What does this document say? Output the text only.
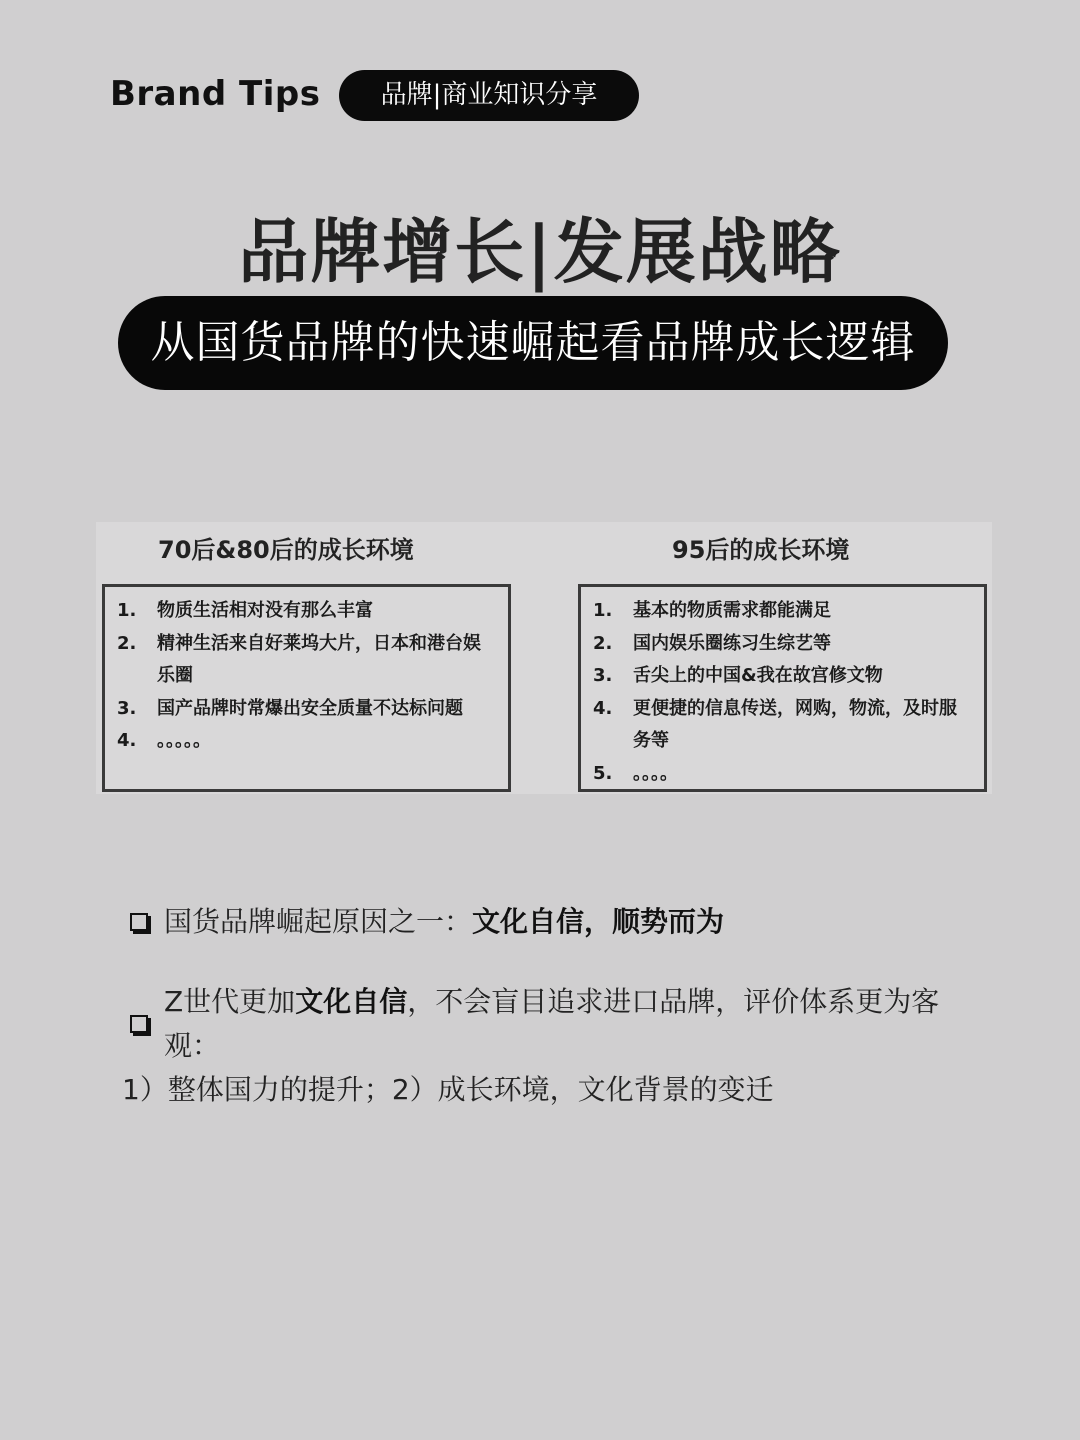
Brand Tips	品牌|商业知识分享
品牌增长|发展战略
从国货品牌的快速崛起看品牌成长逻辑
70后&80后的成长环境	95后的成长环境
1.	物质生活相对没有那么丰富
2.	精神生活来自好莱坞大片，日本和港台娱乐圈
3.	国产品牌时常爆出安全质量不达标问题
4.	。。。。。
1.	基本的物质需求都能满足
2.	国内娱乐圈练习生综艺等
3.	舌尖上的中国&我在故宫修文物
4.	更便捷的信息传送，网购，物流，及时服务等
5.	。。。。
国货品牌崛起原因之一：文化自信，顺势而为
Z世代更加文化自信，不会盲目追求进口品牌，评价体系更为客观：
1）整体国力的提升；2）成长环境，文化背景的变迁
